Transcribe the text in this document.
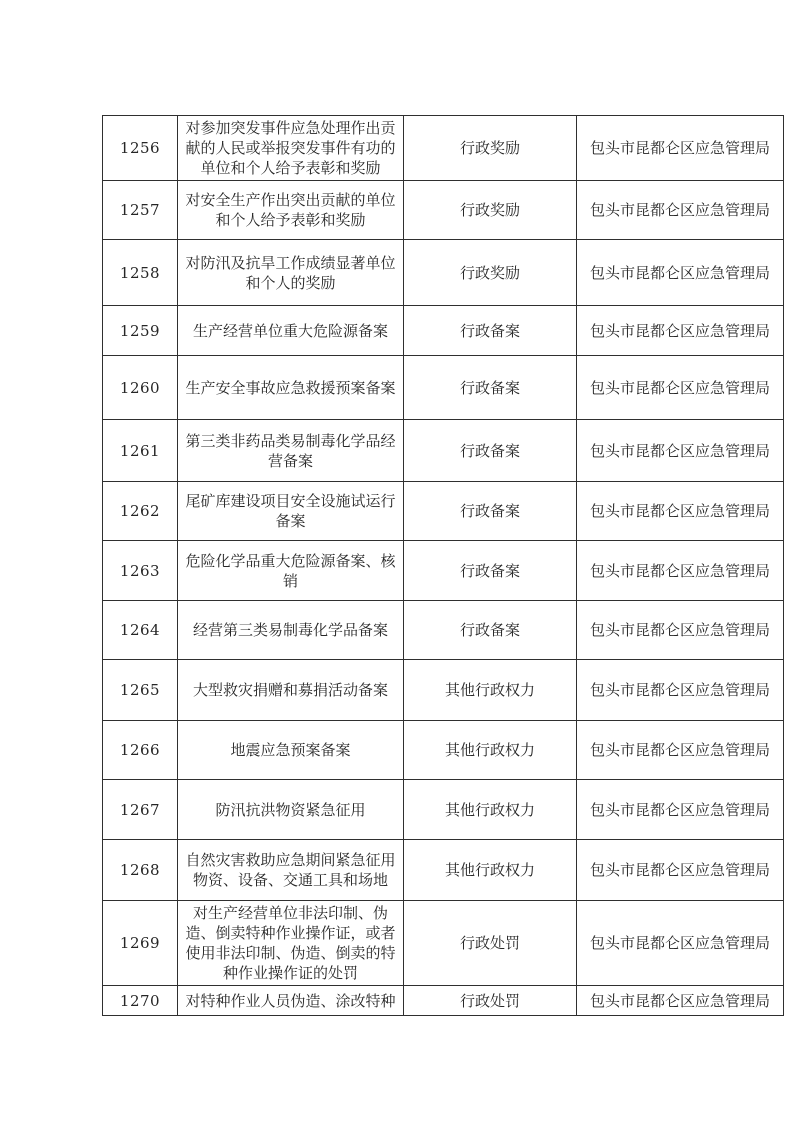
1256	对参加突发事件应急处理作出贡献的人民或举报突发事件有功的单位和个人给予表彰和奖励	行政奖励	包头市昆都仑区应急管理局
1257	对安全生产作出突出贡献的单位和个人给予表彰和奖励	行政奖励	包头市昆都仑区应急管理局
1258	对防汛及抗旱工作成绩显著单位和个人的奖励	行政奖励	包头市昆都仑区应急管理局
1259	生产经营单位重大危险源备案	行政备案	包头市昆都仑区应急管理局
1260	生产安全事故应急救援预案备案	行政备案	包头市昆都仑区应急管理局
1261	第三类非药品类易制毒化学品经营备案	行政备案	包头市昆都仑区应急管理局
1262	尾矿库建设项目安全设施试运行备案	行政备案	包头市昆都仑区应急管理局
1263	危险化学品重大危险源备案、核销	行政备案	包头市昆都仑区应急管理局
1264	经营第三类易制毒化学品备案	行政备案	包头市昆都仑区应急管理局
1265	大型救灾捐赠和募捐活动备案	其他行政权力	包头市昆都仑区应急管理局
1266	地震应急预案备案	其他行政权力	包头市昆都仑区应急管理局
1267	防汛抗洪物资紧急征用	其他行政权力	包头市昆都仑区应急管理局
1268	自然灾害救助应急期间紧急征用物资、设备、交通工具和场地	其他行政权力	包头市昆都仑区应急管理局
1269	对生产经营单位非法印制、伪造、倒卖特种作业操作证，或者使用非法印制、伪造、倒卖的特种作业操作证的处罚	行政处罚	包头市昆都仑区应急管理局
1270	对特种作业人员伪造、涂改特种	行政处罚	包头市昆都仑区应急管理局
